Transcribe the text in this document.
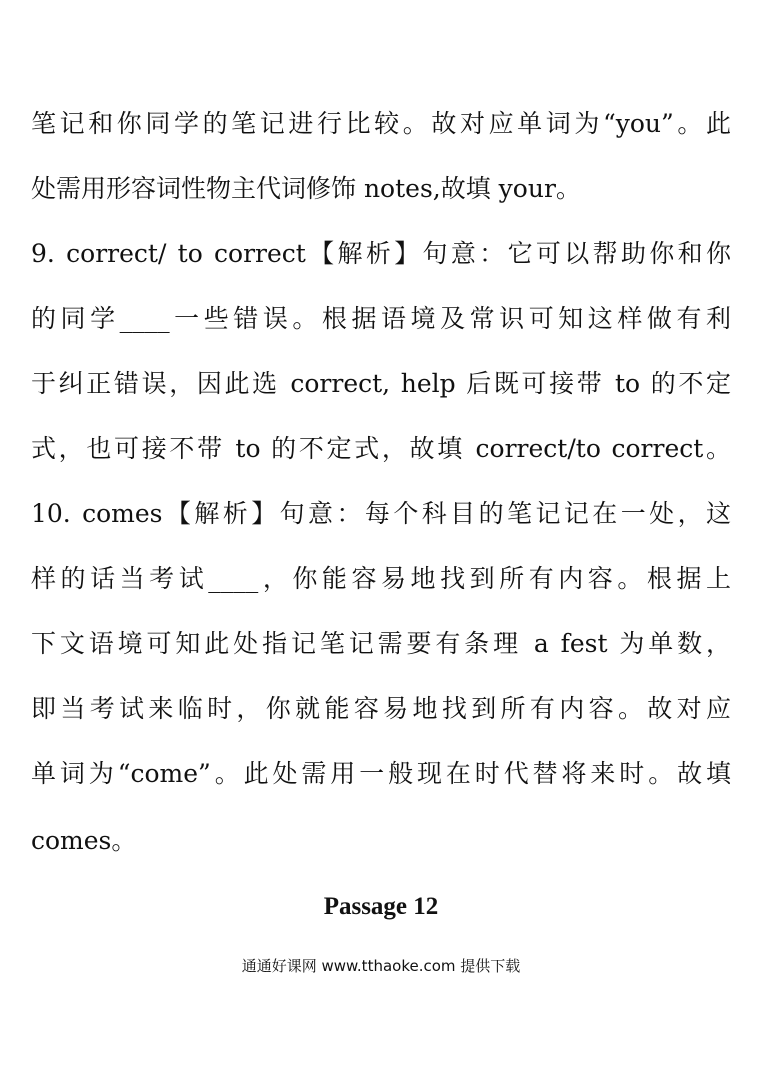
笔记和你同学的笔记进行比较。故对应单词为“you”。此
处需用形容词性物主代词修饰 notes,故填 your。
9. correct/ to correct【解析】句意：它可以帮助你和你
的同学____一些错误。根据语境及常识可知这样做有利
于纠正错误，因此选 correct, help 后既可接带 to 的不定
式，也可接不带 to 的不定式，故填 correct/to correct。
10. comes【解析】句意：每个科目的笔记记在一处，这
样的话当考试____，你能容易地找到所有内容。根据上
下文语境可知此处指记笔记需要有条理 a fest 为单数，
即当考试来临时，你就能容易地找到所有内容。故对应
单词为“come”。此处需用一般现在时代替将来时。故填
comes。
Passage 12
通通好课网 www.tthaoke.com 提供下载
